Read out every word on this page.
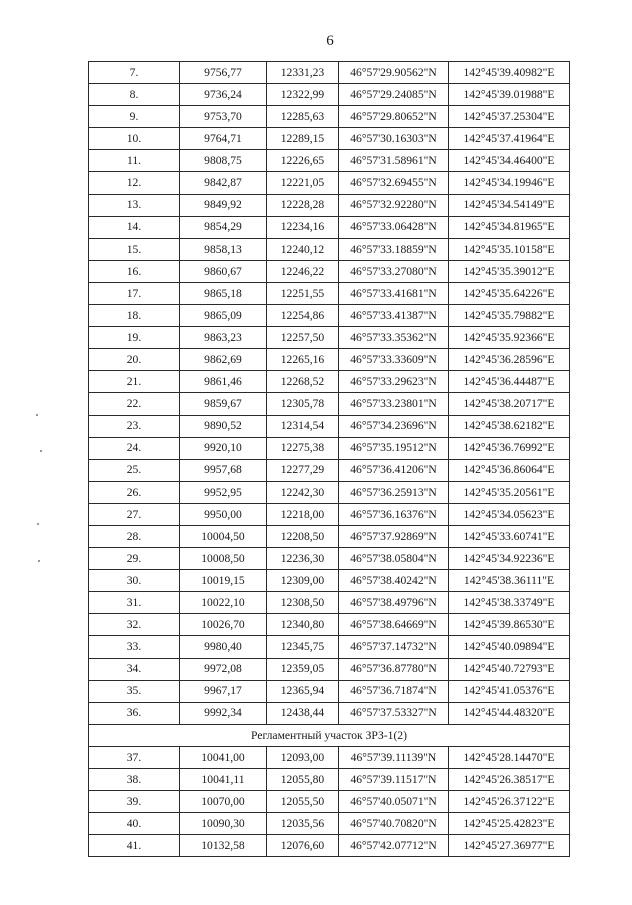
6
7.	9756,77	12331,23	46°57'29.90562"N	142°45'39.40982"E
8.	9736,24	12322,99	46°57'29.24085"N	142°45'39.01988"E
9.	9753,70	12285,63	46°57'29.80652"N	142°45'37.25304"E
10.	9764,71	12289,15	46°57'30.16303"N	142°45'37.41964"E
11.	9808,75	12226,65	46°57'31.58961"N	142°45'34.46400"E
12.	9842,87	12221,05	46°57'32.69455"N	142°45'34.19946"E
13.	9849,92	12228,28	46°57'32.92280"N	142°45'34.54149"E
14.	9854,29	12234,16	46°57'33.06428"N	142°45'34.81965"E
15.	9858,13	12240,12	46°57'33.18859"N	142°45'35.10158"E
16.	9860,67	12246,22	46°57'33.27080"N	142°45'35.39012"E
17.	9865,18	12251,55	46°57'33.41681"N	142°45'35.64226"E
18.	9865,09	12254,86	46°57'33.41387"N	142°45'35.79882"E
19.	9863,23	12257,50	46°57'33.35362"N	142°45'35.92366"E
20.	9862,69	12265,16	46°57'33.33609"N	142°45'36.28596"E
21.	9861,46	12268,52	46°57'33.29623"N	142°45'36.44487"E
22.	9859,67	12305,78	46°57'33.23801"N	142°45'38.20717"E
23.	9890,52	12314,54	46°57'34.23696"N	142°45'38.62182"E
24.	9920,10	12275,38	46°57'35.19512"N	142°45'36.76992"E
25.	9957,68	12277,29	46°57'36.41206"N	142°45'36.86064"E
26.	9952,95	12242,30	46°57'36.25913"N	142°45'35.20561"E
27.	9950,00	12218,00	46°57'36.16376"N	142°45'34.05623"E
28.	10004,50	12208,50	46°57'37.92869"N	142°45'33.60741"E
29.	10008,50	12236,30	46°57'38.05804"N	142°45'34.92236"E
30.	10019,15	12309,00	46°57'38.40242"N	142°45'38.36111"E
31.	10022,10	12308,50	46°57'38.49796"N	142°45'38.33749"E
32.	10026,70	12340,80	46°57'38.64669"N	142°45'39.86530"E
33.	9980,40	12345,75	46°57'37.14732"N	142°45'40.09894"E
34.	9972,08	12359,05	46°57'36.87780"N	142°45'40.72793"E
35.	9967,17	12365,94	46°57'36.71874"N	142°45'41.05376"E
36.	9992,34	12438,44	46°57'37.53327"N	142°45'44.48320"E
Регламентный участок ЗРЗ-1(2)				
37.	10041,00	12093,00	46°57'39.11139"N	142°45'28.14470"E
38.	10041,11	12055,80	46°57'39.11517"N	142°45'26.38517"E
39.	10070,00	12055,50	46°57'40.05071"N	142°45'26.37122"E
40.	10090,30	12035,56	46°57'40.70820"N	142°45'25.42823"E
41.	10132,58	12076,60	46°57'42.07712"N	142°45'27.36977"E
